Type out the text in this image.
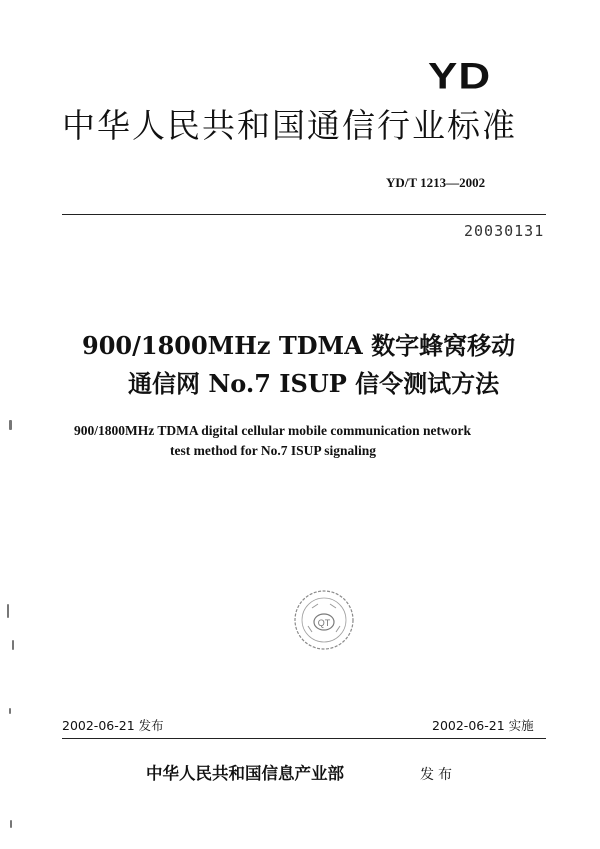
YD
中华人民共和国通信行业标准
YD/T 1213—2002
20030131
900/1800MHz TDMA 数字蜂窝移动
通信网 No.7 ISUP 信令测试方法
900/1800MHz TDMA digital cellular mobile communication network
test method for No.7 ISUP signaling
QT
2002-06-21 发布	2002-06-21 实施
中华人民共和国信息产业部	发布
